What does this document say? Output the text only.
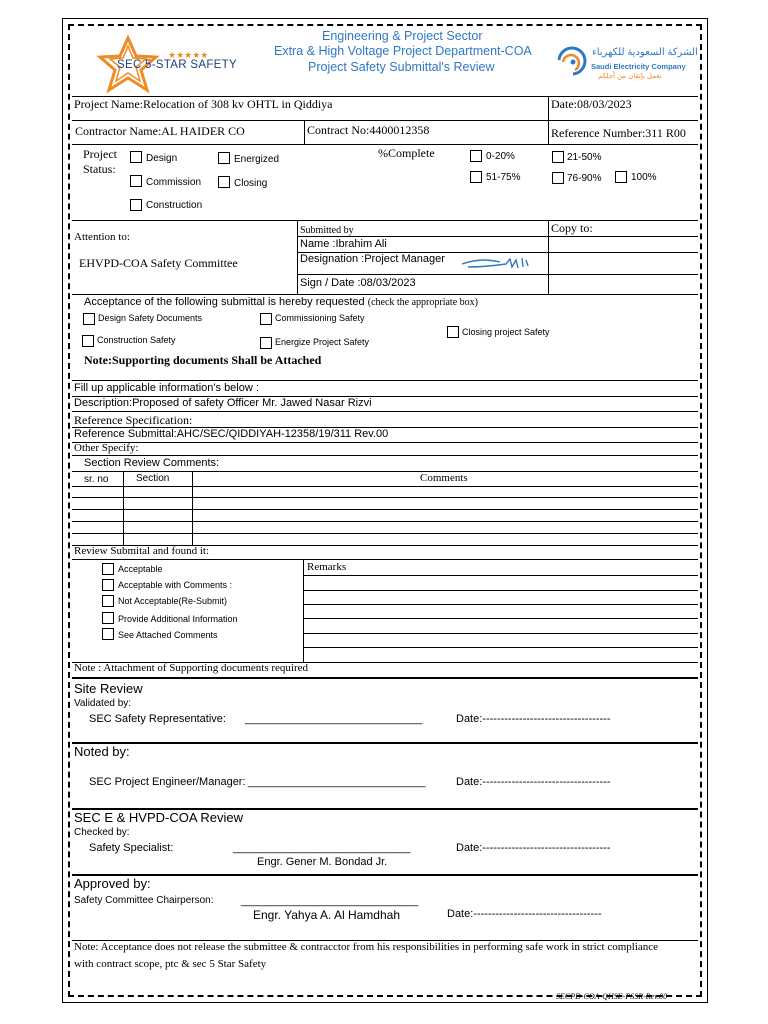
★★★★★
SEC 5-STAR SAFETY
Engineering & Project Sector
Extra & High Voltage Project Department-COA
Project Safety Submittal's Review
الشركة السعودية للكهرباء
Saudi Electricity Company
نعمل بإتقان من أجلكم
Project Name:Relocation of 308 kv OHTL in Qiddiya	Date:08/03/2023
Contractor Name:AL HAIDER CO	Contract No:4400012358	Reference Number:311 R00
Project
Status:
Design	Energized
Commission	Closing
Construction
%Complete	0-20%	21-50%
51-75%	76-90%	100%
Attention to:
EHVPD-COA Safety Committee
Submitted by
Name :Ibrahim Ali
Designation :Project Manager
Sign / Date :08/03/2023
Copy to:
Acceptance of the following submittal is hereby requested (check the appropriate box)
Design Safety Documents	Commissioning Safety
Closing project Safety
Construction Safety	Energize Project Safety
Note:Supporting documents Shall be Attached
Fill up applicable information's below :
Description:Proposed of safety Officer Mr. Jawed Nasar Rizvi
Reference Specification:
Reference Submittal:AHC/SEC/QIDDIYAH-12358/19/311 Rev.00
Other Specify:
Section Review Comments:
sr. no	Section	Comments
Review Submital and found it:
Acceptable
Acceptable with Comments :
Not Acceptable(Re-Submit)
Provide Additional Information
See Attached Comments
Remarks
Note : Attachment of Supporting documents required
Site Review
Validated by:
SEC Safety Representative: _____________________________	Date:-----------------------------------
Noted by:
SEC Project Engineer/Manager: _____________________________	Date:-----------------------------------
SEC E & HVPD-COA Review
Checked by:
Safety Specialist:	_____________________________	Date:-----------------------------------
Engr. Gener M. Bondad Jr.
Approved by:
Safety Committee Chairperson: _____________________________
Engr. Yahya A. Al Hamdhah	Date:-----------------------------------
Note: Acceptance does not release the submittee & contracctor from his responsibilities in performing safe work in strict compliance
with contract scope, ptc & sec 5 Star Safety
SECPD-COA-QHSE-PSSR-Rev.00
